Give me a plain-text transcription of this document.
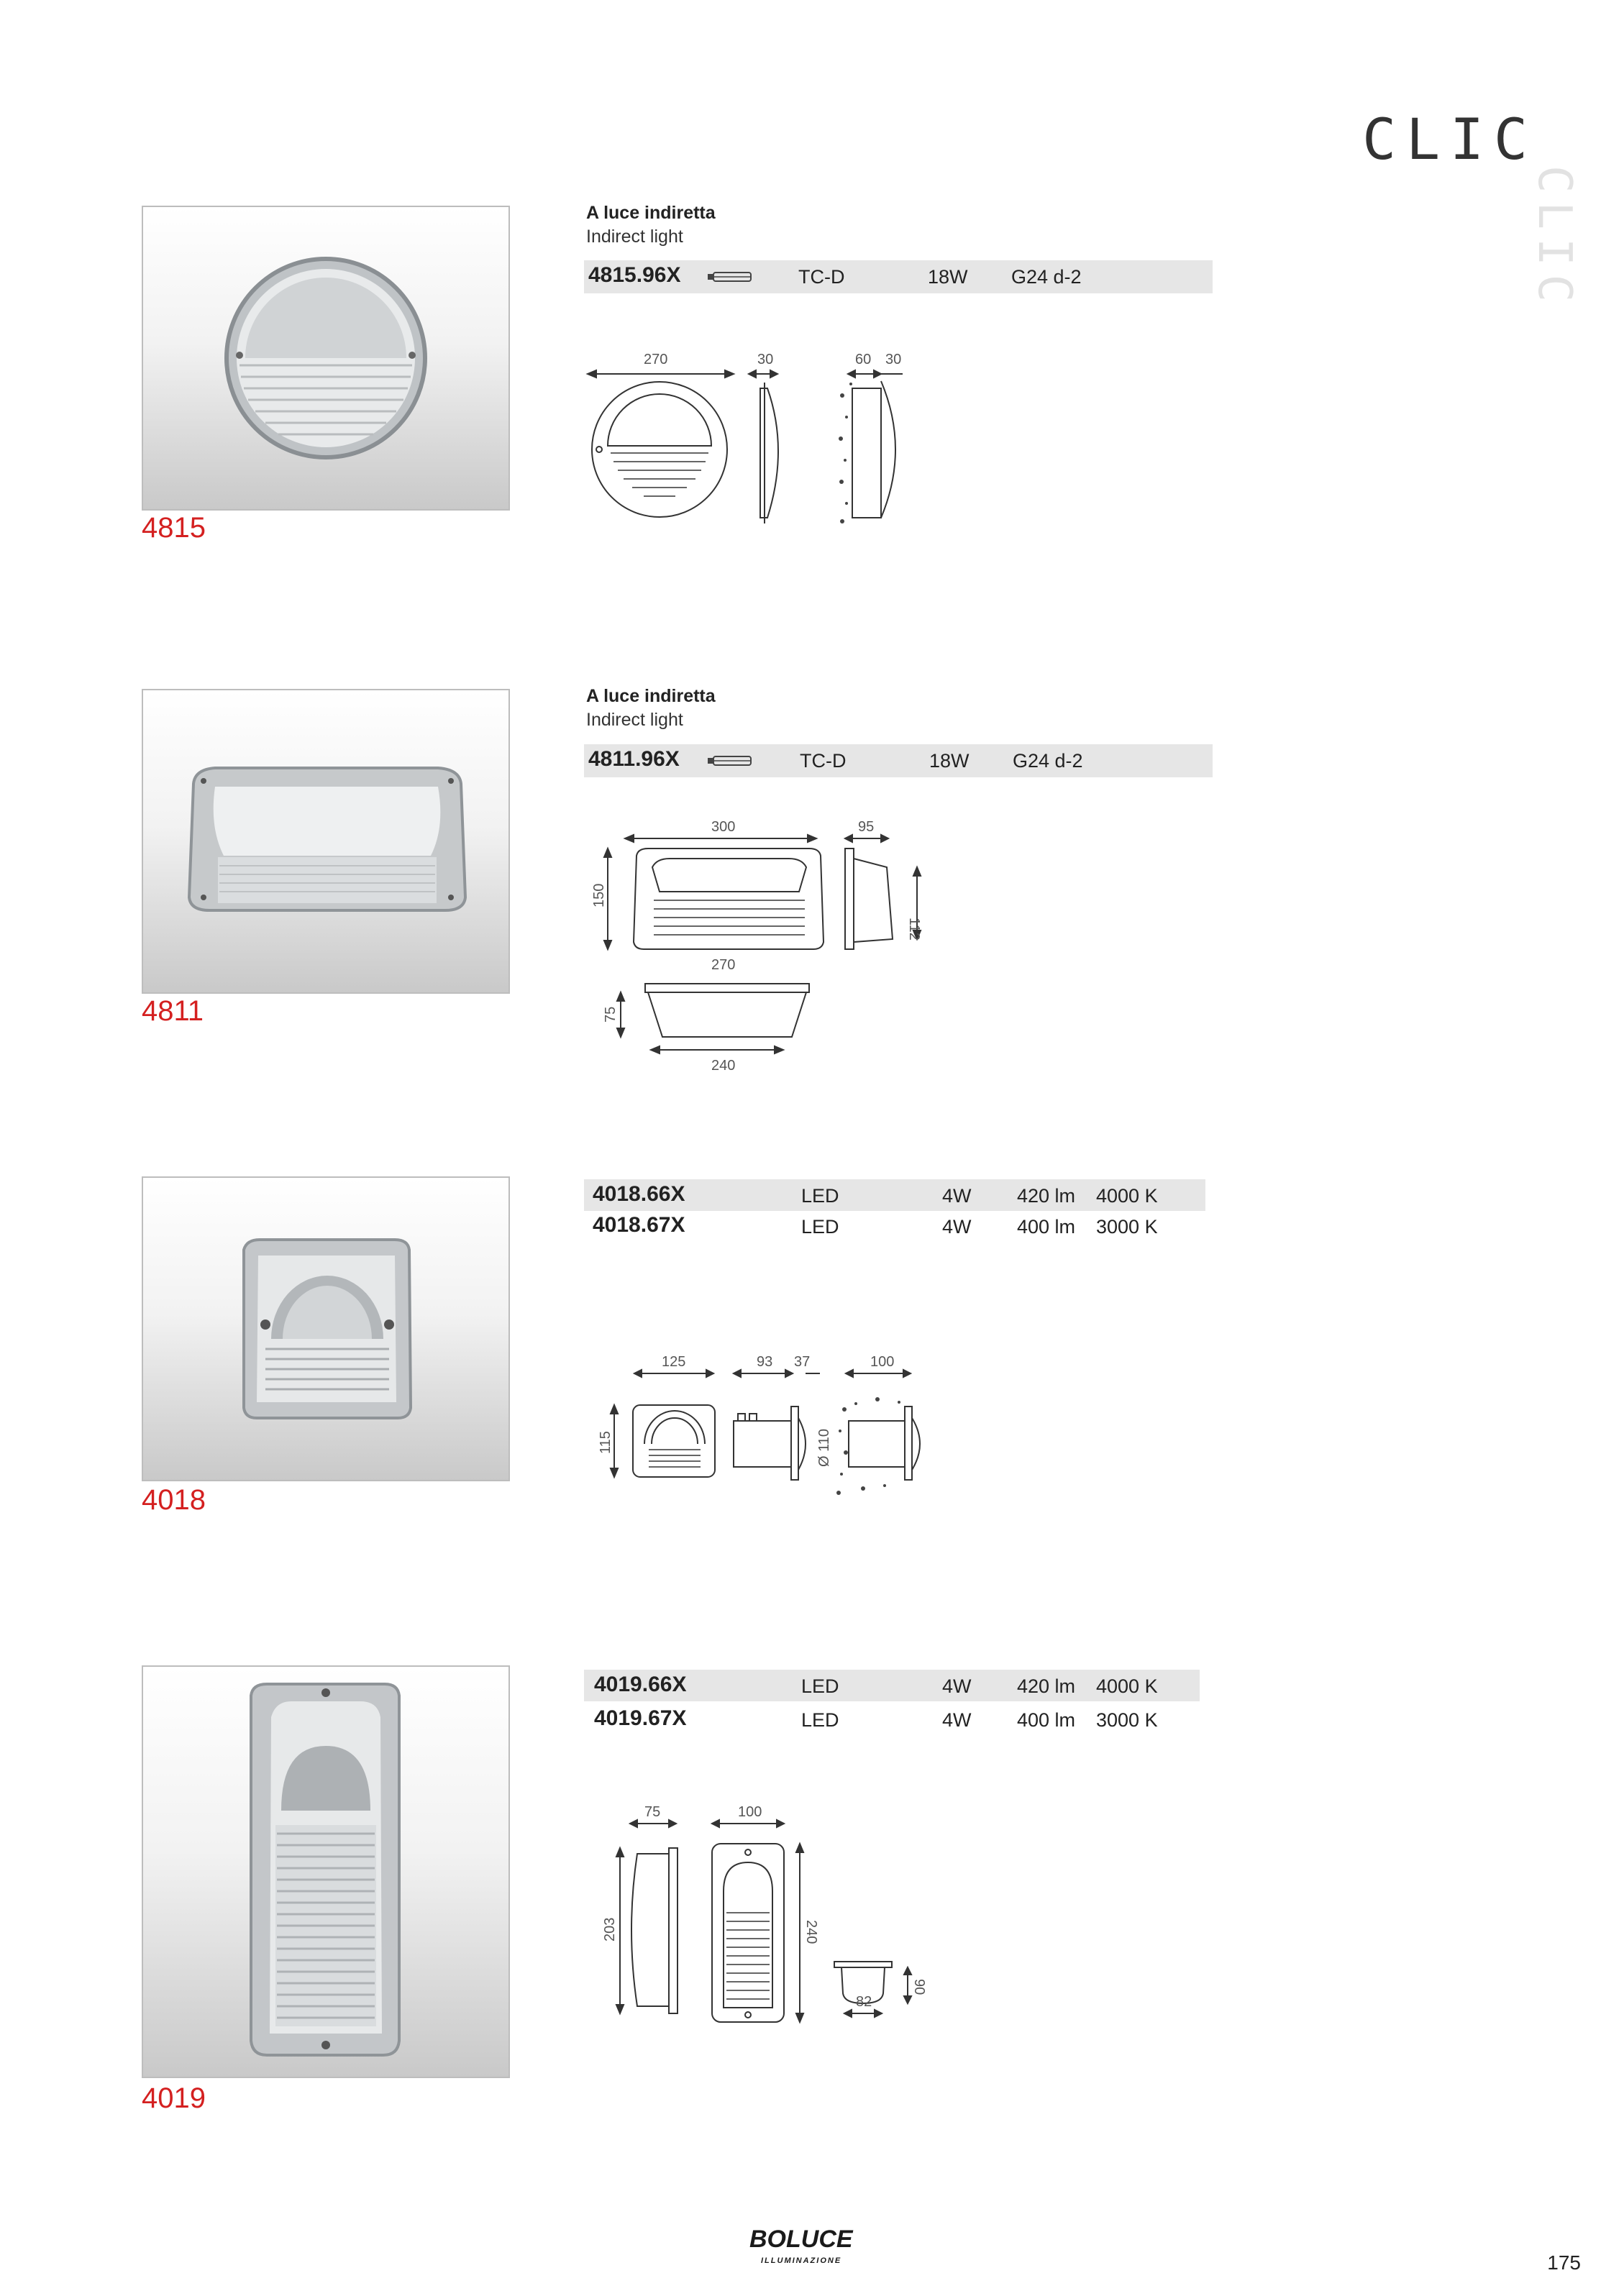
CLIC
CLIC
4815
A luce indiretta
Indirect light
4815.96X	TC-D	18W G24 d-2
270	30	60 30
4811
A luce indiretta
Indirect light
4811.96X	TC-D	18W G24 d-2
300	95
150
112
270
75
240
4018
4018.66X	LED	4W 420 lm 4000 K
4018.67X	LED	4W 400 lm 3000 K
125	93 37	100
115	Ø 110
4019
4019.66X	LED	4W 420 lm 4000 K
4019.67X	LED	4W 400 lm 3000 K
75	100
203	240
90
82
BOLUCE
ILLUMINAZIONE	175
